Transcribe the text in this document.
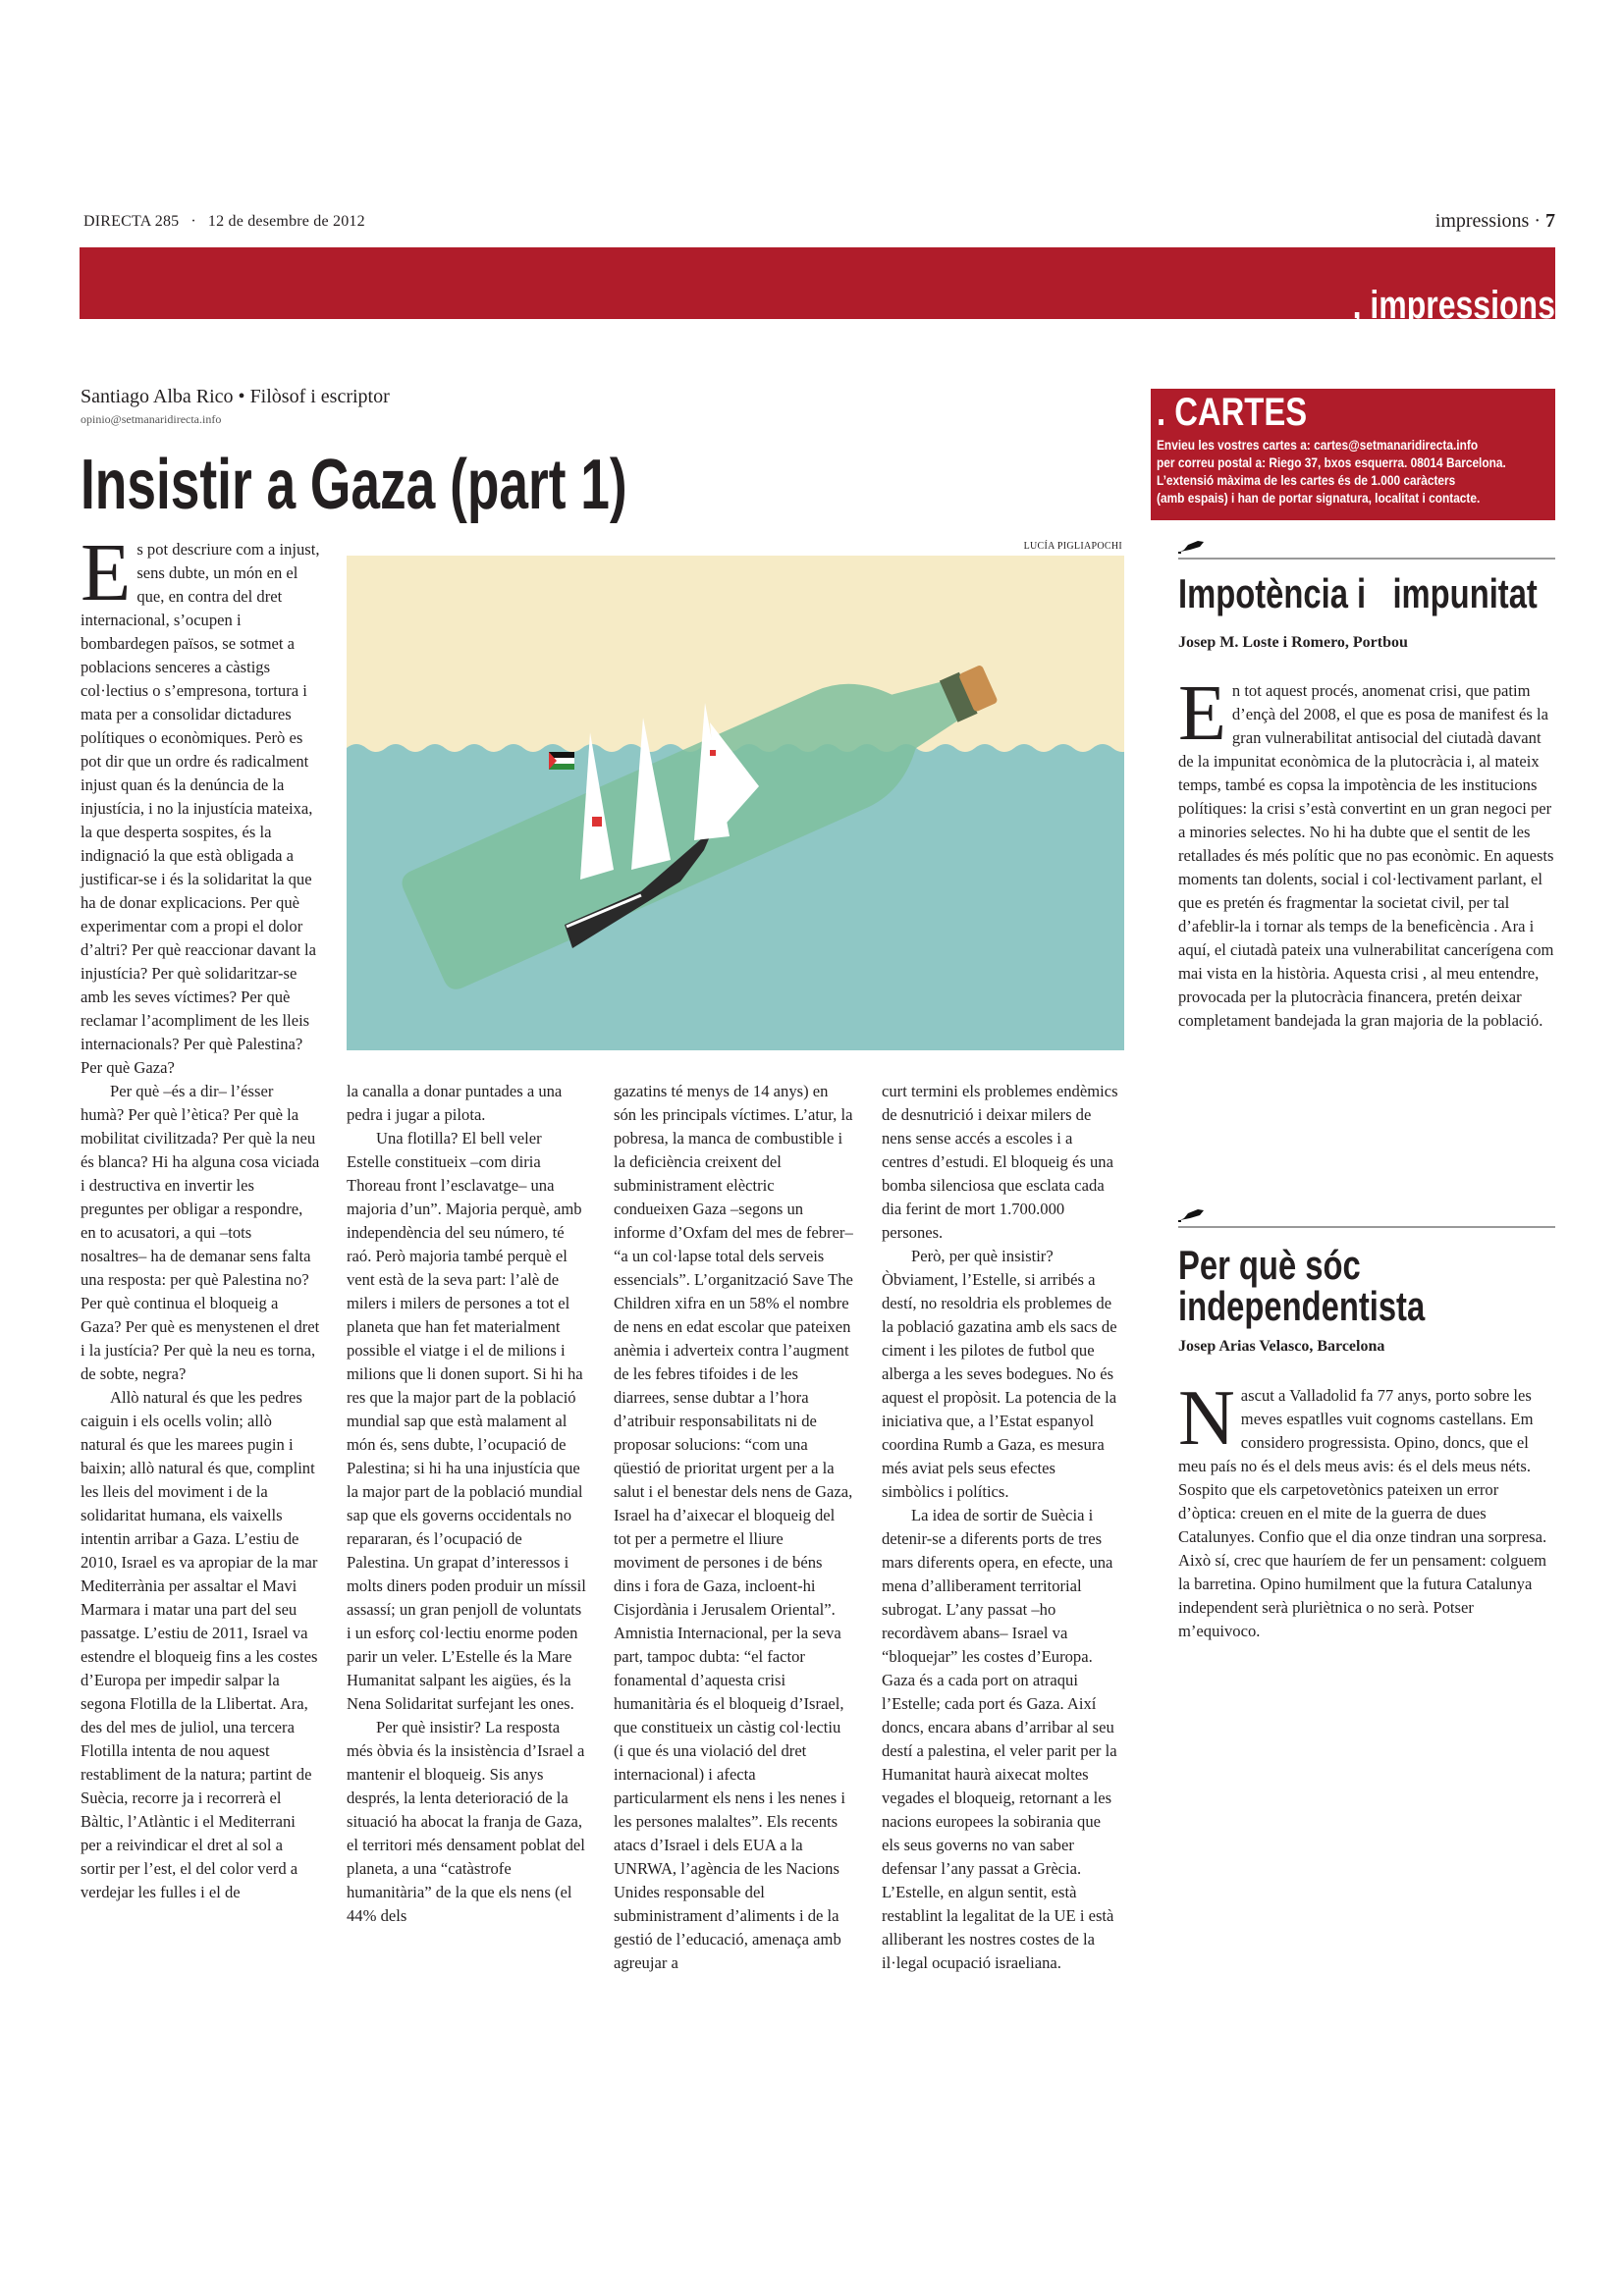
DIRECTA 285 · 12 de desembre de 2012	impressions · 7
, impressions
Santiago Alba Rico • Filòsof i escriptor
opinio@setmanaridirecta.info
Insistir a Gaza (part 1)
E s pot descriure com a injust, sens dubte, un món en el que, en contra del dret internacional, s’ocupen i bombardegen països, se sotmet a poblacions senceres a càstigs col·lectius o s’empresona, tortura i mata per a consolidar dictadures polítiques o econòmiques. Però es pot dir que un ordre és radicalment injust quan és la denúncia de la injustícia, i no la injustícia mateixa, la que desperta sospites, és la indignació la que està obligada a justificar-se i és la solidaritat la que ha de donar explicacions. Per què experimentar com a propi el dolor d’altri? Per què reaccionar davant la injustícia? Per què solidaritzar-se amb les seves víctimes? Per què reclamar l’acompliment de les lleis internacionals? Per què Palestina? Per què Gaza?

Per què –és a dir– l’ésser humà? Per què l’ètica? Per què la mobilitat civilitzada? Per què la neu és blanca? Hi ha alguna cosa viciada i destructiva en invertir les preguntes per obligar a respondre, en to acusatori, a qui –tots nosaltres– ha de demanar sens falta una resposta: per què Palestina no? Per què continua el bloqueig a Gaza? Per què es menystenen el dret i la justícia? Per què la neu es torna, de sobte, negra?

Allò natural és que les pedres caiguin i els ocells volin; allò natural és que les marees pugin i baixin; allò natural és que, complint les lleis del moviment i de la solidaritat humana, els vaixells intentin arribar a Gaza. L’estiu de 2010, Israel es va apropiar de la mar Mediterrània per assaltar el Mavi Marmara i matar una part del seu passatge. L’estiu de 2011, Israel va estendre el bloqueig fins a les costes d’Europa per impedir salpar la segona Flotilla de la Llibertat. Ara, des del mes de juliol, una tercera Flotilla intenta de nou aquest restabliment de la natura; partint de Suècia, recorre ja i recorrerà el Bàltic, l’Atlàntic i el Mediterrani per a reivindicar el dret al sol a sortir per l’est, el del color verd a verdejar les fulles i el de

LUCÍA PIGLIAPOCHI

la canalla a donar puntades a una pedra i jugar a pilota.

Una flotilla? El bell veler Estelle constitueix –com diria Thoreau front l’esclavatge– una majoria d’un”. Majoria perquè, amb independència del seu número, té raó. Però majoria també perquè el vent està de la seva part: l’alè de milers i milers de persones a tot el planeta que han fet materialment possible el viatge i el de milions i milions que li donen suport. Si hi ha res que la major part de la població mundial sap que està malament al món és, sens dubte, l’ocupació de Palestina; si hi ha una injustícia que la major part de la població mundial sap que els governs occidentals no repararan, és l’ocupació de Palestina. Un grapat d’interessos i molts diners poden produir un míssil assassí; un gran penjoll de voluntats i un esforç col·lectiu enorme poden parir un veler. L’Estelle és la Mare Humanitat salpant les aigües, és la Nena Solidaritat surfejant les ones.

Per què insistir? La resposta més òbvia és la insistència d’Israel a mantenir el bloqueig. Sis anys després, la lenta deterioració de la situació ha abocat la franja de Gaza, el territori més densament poblat del planeta, a una “catàstrofe humanitària” de la que els nens (el 44% dels

gazatins té menys de 14 anys) en són les principals víctimes. L’atur, la pobresa, la manca de combustible i la deficiència creixent del subministrament elèctric condueixen Gaza –segons un informe d’Oxfam del mes de febrer– “a un col·lapse total dels serveis essencials”. L’organització Save The Children xifra en un 58% el nombre de nens en edat escolar que pateixen anèmia i adverteix contra l’augment de les febres tifoides i de les diarrees, sense dubtar a l’hora d’atribuir responsabilitats ni de proposar solucions: “com una qüestió de prioritat urgent per a la salut i el benestar dels nens de Gaza, Israel ha d’aixecar el bloqueig del tot per a permetre el lliure moviment de persones i de béns dins i fora de Gaza, incloent-hi Cisjordània i Jerusalem Oriental”. Amnistia Internacional, per la seva part, tampoc dubta: “el factor fonamental d’aquesta crisi humanitària és el bloqueig d’Israel, que constitueix un càstig col·lectiu (i que és una violació del dret internacional) i afecta particularment els nens i les nenes i les persones malaltes”. Els recents atacs d’Israel i dels EUA a la UNRWA, l’agència de les Nacions Unides responsable del subministrament d’aliments i de la gestió de l’educació, amenaça amb agreujar a

curt termini els problemes endèmics de desnutrició i deixar milers de nens sense accés a escoles i a centres d’estudi. El bloqueig és una bomba silenciosa que esclata cada dia ferint de mort 1.700.000 persones.

Però, per què insistir? Òbviament, l’Estelle, si arribés a destí, no resoldria els problemes de la població gazatina amb els sacs de ciment i les pilotes de futbol que alberga a les seves bodegues. No és aquest el propòsit. La potencia de la iniciativa que, a l’Estat espanyol coordina Rumb a Gaza, es mesura més aviat pels seus efectes simbòlics i polítics.

La idea de sortir de Suècia i detenir-se a diferents ports de tres mars diferents opera, en efecte, una mena d’alliberament territorial subrogat. L’any passat –ho recordàvem abans– Israel va “bloquejar” les costes d’Europa. Gaza és a cada port on atraqui l’Estelle; cada port és Gaza. Així doncs, encara abans d’arribar al seu destí a palestina, el veler parit per la Humanitat haurà aixecat moltes vegades el bloqueig, retornant a les nacions europees la sobirania que els seus governs no van saber defensar l’any passat a Grècia. L’Estelle, en algun sentit, està restablint la legalitat de la UE i està alliberant les nostres costes de la il·legal ocupació israeliana.

. CARTES
Envieu les vostres cartes a: cartes@setmanaridirecta.info
per correu postal a: Riego 37, bxos esquerra. 08014 Barcelona.
L’extensió màxima de les cartes és de 1.000 caràcters
(amb espais) i han de portar signatura, localitat i contacte.
Impotència i   impunitat
Josep M. Loste i Romero, Portbou
E n tot aquest procés, anomenat crisi, que patim d’ençà del 2008, el que es posa de manifest és la gran vulnerabilitat antisocial del ciutadà davant de la impunitat econòmica de la plutocràcia i, al mateix temps, també es copsa la impotència de les institucions polítiques: la crisi s’està convertint en un gran negoci per a minories selectes. No hi ha dubte que el sentit de les retallades és més polític que no pas econòmic. En aquests moments tan dolents, social i col·lectivament parlant, el que es pretén és fragmentar la societat civil, per tal d’afeblir-la i tornar als temps de la beneficència . Ara i aquí, el ciutadà pateix una vulnerabilitat cancerígena com mai vista en la història. Aquesta crisi , al meu entendre, provocada per la plutocràcia financera, pretén deixar completament bandejada la gran majoria de la població.

Per què sóc
independentista
Josep Arias Velasco, Barcelona
N ascut a Valladolid fa 77 anys, porto sobre les meves espatlles vuit cognoms castellans. Em considero progressista. Opino, doncs, que el meu país no és el dels meus avis: és el dels meus néts. Sospito que els carpetovetònics pateixen un error d’òptica: creuen en el mite de la guerra de dues Catalunyes. Confio que el dia onze tindran una sorpresa. Això sí, crec que hauríem de fer un pensament: colguem la barretina. Opino humilment que la futura Catalunya independent serà pluriètnica o no serà. Potser m’equivoco.
